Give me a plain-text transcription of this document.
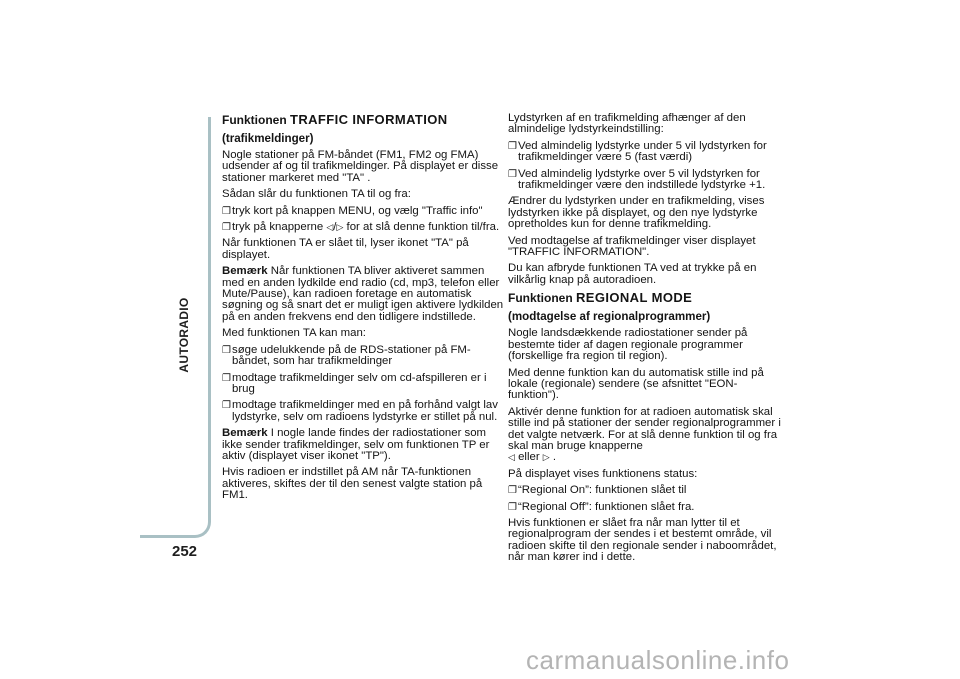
AUTORADIO
252

Funktionen TRAFFIC INFORMATION

(trafikmeldinger)

Nogle stationer på FM-båndet (FM1, FM2 og FMA) udsender af og til trafikmeldinger. På displayet er disse stationer markeret med "TA" .

Sådan slår du funktionen TA til og fra:

❐ tryk kort på knappen MENU, og vælg "Traffic info"

❐ tryk på knapperne ◁/▷ for at slå denne funktion til/fra.

Når funktionen TA er slået til, lyser ikonet "TA" på displayet.

Bemærk Når funktionen TA bliver aktiveret sammen med en anden lydkilde end radio (cd, mp3, telefon eller Mute/Pause), kan radioen foretage en automatisk søgning og så snart det er muligt igen aktivere lydkilden på en anden frekvens end den tidligere indstillede.

Med funktionen TA kan man:

❐ søge udelukkende på de RDS-stationer på FM-båndet, som har trafikmeldinger

❐ modtage trafikmeldinger selv om cd-afspilleren er i brug

❐ modtage trafikmeldinger med en på forhånd valgt lav lydstyrke, selv om radioens lydstyrke er stillet på nul.

Bemærk I nogle lande findes der radiostationer som ikke sender trafikmeldinger, selv om funktionen TP er aktiv (displayet viser ikonet "TP").

Hvis radioen er indstillet på AM når TA-funktionen aktiveres, skiftes der til den senest valgte station på FM1.

Lydstyrken af en trafikmelding afhænger af den almindelige lydstyrkeindstilling:

❐ Ved almindelig lydstyrke under 5 vil lydstyrken for trafikmeldinger være 5 (fast værdi)

❐ Ved almindelig lydstyrke over 5 vil lydstyrken for trafikmeldinger være den indstillede lydstyrke +1.

Ændrer du lydstyrken under en trafikmelding, vises lydstyrken ikke på displayet, og den nye lydstyrke opretholdes kun for denne trafikmelding.

Ved modtagelse af trafikmeldinger viser displayet "TRAFFIC INFORMATION".

Du kan afbryde funktionen TA ved at trykke på en vilkårlig knap på autoradioen.

Funktionen REGIONAL MODE

(modtagelse af regionalprogrammer)

Nogle landsdækkende radiostationer sender på bestemte tider af dagen regionale programmer (forskellige fra region til region).

Med denne funktion kan du automatisk stille ind på lokale (regionale) sendere (se afsnittet "EON-funktion").

Aktivér denne funktion for at radioen automatisk skal stille ind på stationer der sender regionalprogrammer i det valgte netværk. For at slå denne funktion til og fra skal man bruge knapperne
◁ eller ▷ .

På displayet vises funktionens status:

❐ “Regional On”: funktionen slået til

❐ “Regional Off”: funktionen slået fra.

Hvis funktionen er slået fra når man lytter til et regionalprogram der sendes i et bestemt område, vil radioen skifte til den regionale sender i naboområdet, når man kører ind i dette.

carmanualsonline.info
